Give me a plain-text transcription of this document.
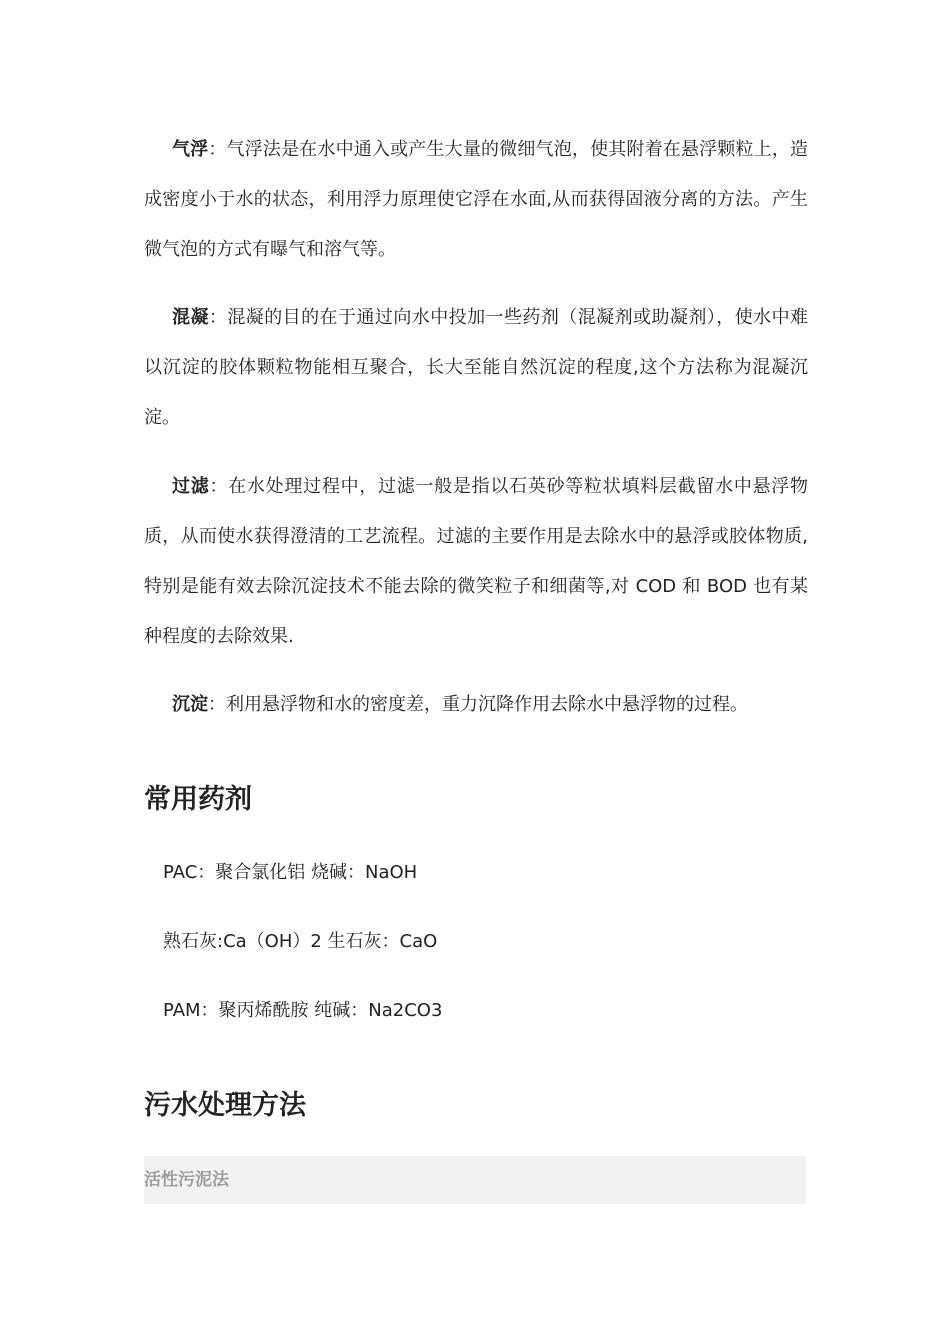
气浮：气浮法是在水中通入或产生大量的微细气泡，使其附着在悬浮颗粒上，造成密度小于水的状态，利用浮力原理使它浮在水面,从而获得固液分离的方法。产生微气泡的方式有曝气和溶气等。

混凝：混凝的目的在于通过向水中投加一些药剂（混凝剂或助凝剂），使水中难以沉淀的胶体颗粒物能相互聚合，长大至能自然沉淀的程度,这个方法称为混凝沉淀。

过滤：在水处理过程中，过滤一般是指以石英砂等粒状填料层截留水中悬浮物质，从而使水获得澄清的工艺流程。过滤的主要作用是去除水中的悬浮或胶体物质,特别是能有效去除沉淀技术不能去除的微笑粒子和细菌等,对 COD 和 BOD 也有某种程度的去除效果.

沉淀：利用悬浮物和水的密度差，重力沉降作用去除水中悬浮物的过程。

常用药剂

PAC：聚合氯化铝 烧碱：NaOH

熟石灰:Ca（OH）2 生石灰：CaO

PAM：聚丙烯酰胺 纯碱：Na2CO3

污水处理方法
活性污泥法
